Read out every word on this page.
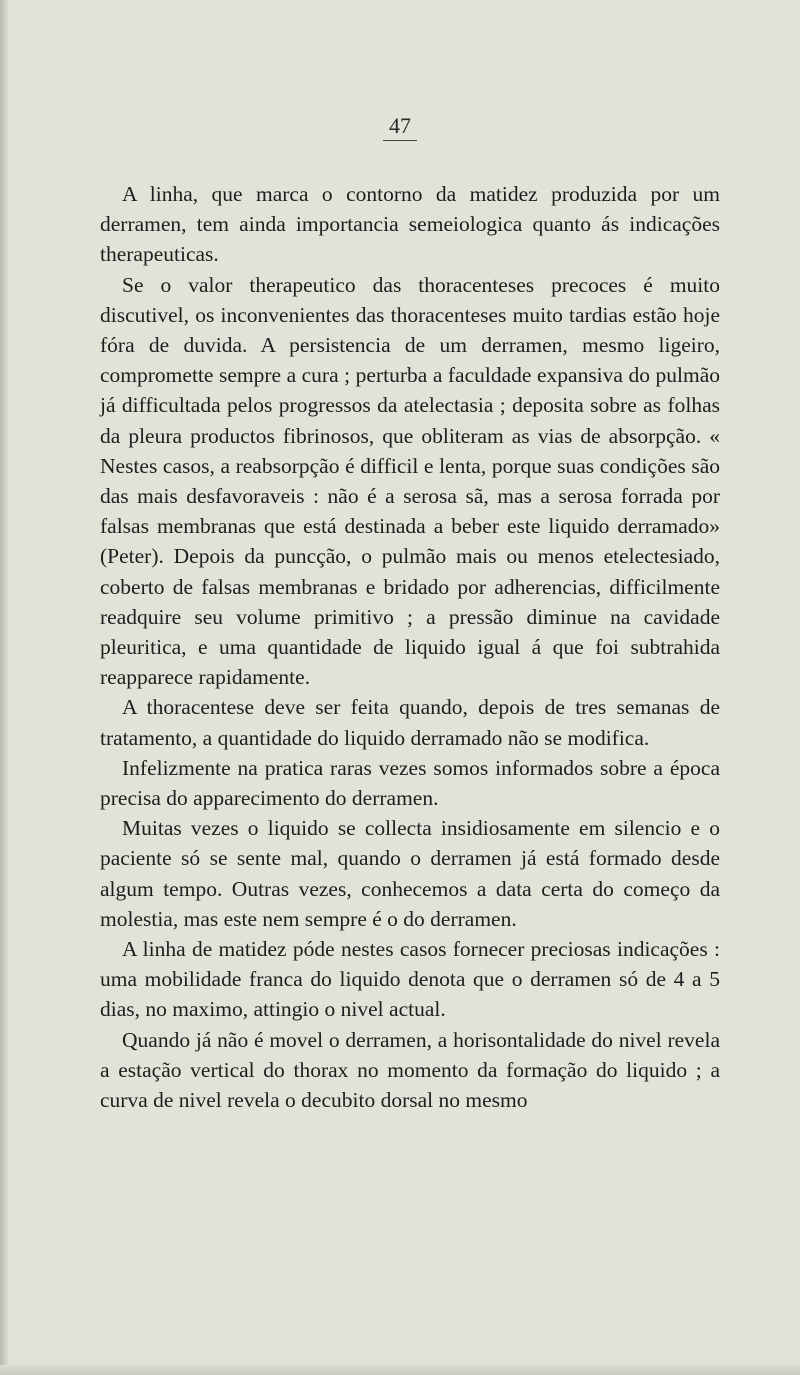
47

A linha, que marca o contorno da matidez produzida por um derramen, tem ainda importancia semeiologica quanto ás indicações therapeuticas.

Se o valor therapeutico das thoracenteses precoces é muito discutivel, os inconvenientes das thoracenteses muito tardias estão hoje fóra de duvida. A persistencia de um derramen, mesmo ligeiro, compromette sempre a cura ; perturba a faculdade expansiva do pulmão já difficultada pelos progressos da atelectasia ; deposita sobre as folhas da pleura productos fibrinosos, que obliteram as vias de absorpção. « Nestes casos, a reabsorpção é difficil e lenta, porque suas condições são das mais desfavoraveis : não é a serosa sã, mas a serosa forrada por falsas membranas que está destinada a beber este liquido derramado» (Peter). Depois da puncção, o pulmão mais ou menos etelectesiado, coberto de falsas membranas e bridado por adherencias, difficilmente readquire seu volume primitivo ; a pressão diminue na cavidade pleuritica, e uma quantidade de liquido igual á que foi subtrahida reapparece rapidamente.

A thoracentese deve ser feita quando, depois de tres semanas de tratamento, a quantidade do liquido derramado não se modifica.

Infelizmente na pratica raras vezes somos informados sobre a época precisa do apparecimento do derramen.

Muitas vezes o liquido se collecta insidiosamente em silencio e o paciente só se sente mal, quando o derramen já está formado desde algum tempo. Outras vezes, conhecemos a data certa do começo da molestia, mas este nem sempre é o do derramen.

A linha de matidez póde nestes casos fornecer preciosas indicações : uma mobilidade franca do liquido denota que o derramen só de 4 a 5 dias, no maximo, attingio o nivel actual.

Quando já não é movel o derramen, a horisontalidade do nivel revela a estação vertical do thorax no momento da formação do liquido ; a curva de nivel revela o decubito dorsal no mesmo
